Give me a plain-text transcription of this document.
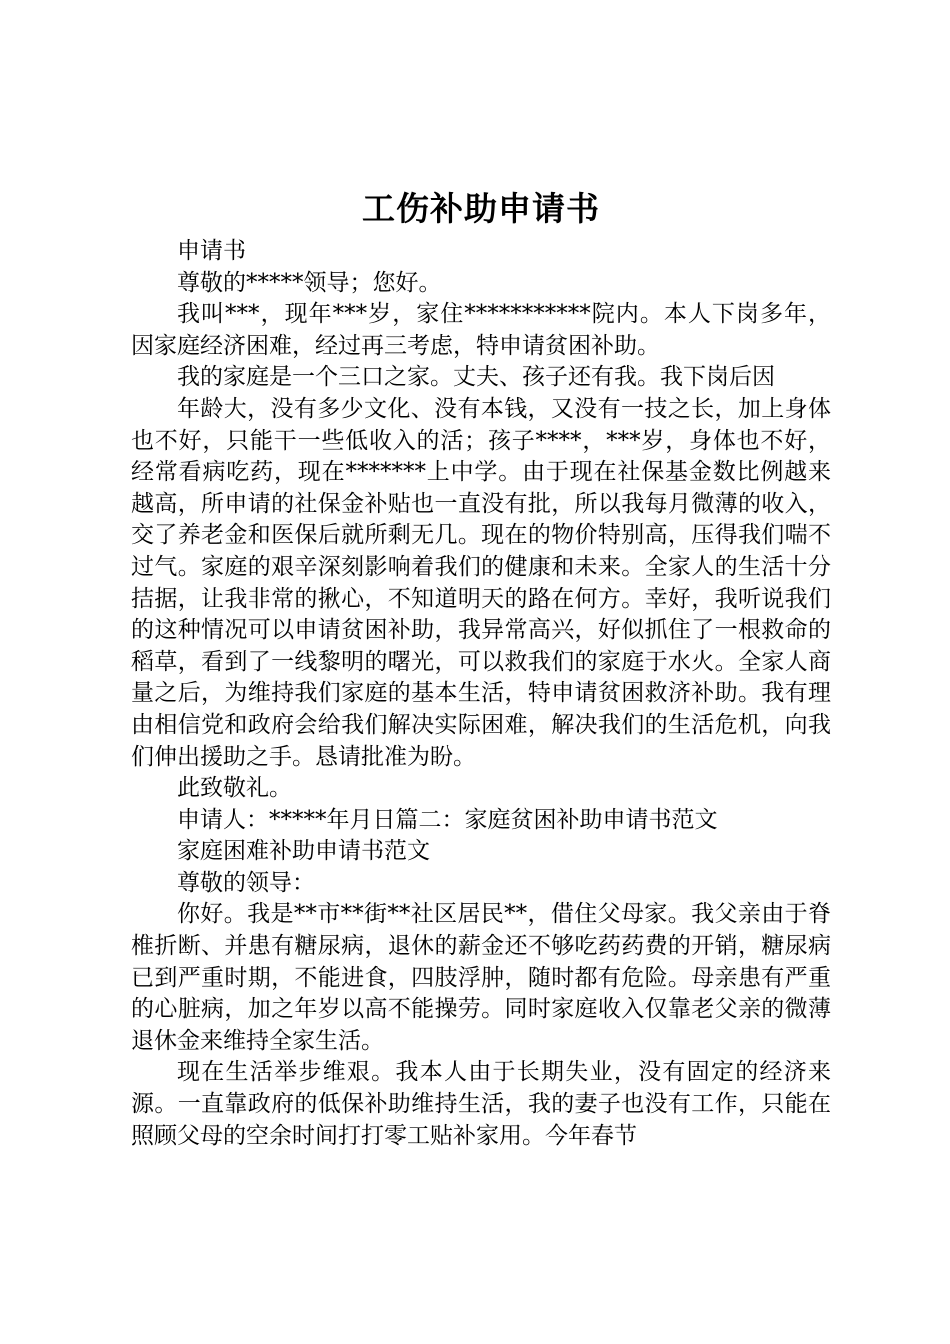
工伤补助申请书

申请书

尊敬的*****领导；您好。

我叫***，现年***岁，家住***********院内。本人下岗多年，因家庭经济困难，经过再三考虑，特申请贫困补助。

我的家庭是一个三口之家。丈夫、孩子还有我。我下岗后因

年龄大，没有多少文化、没有本钱，又没有一技之长，加上身体也不好，只能干一些低收入的活；孩子****，***岁，身体也不好，经常看病吃药，现在*******上中学。由于现在社保基金数比例越来越高，所申请的社保金补贴也一直没有批，所以我每月微薄的收入，交了养老金和医保后就所剩无几。现在的物价特别高，压得我们喘不过气。家庭的艰辛深刻影响着我们的健康和未来。全家人的生活十分拮据，让我非常的揪心，不知道明天的路在何方。幸好，我听说我们的这种情况可以申请贫困补助，我异常高兴，好似抓住了一根救命的稻草，看到了一线黎明的曙光，可以救我们的家庭于水火。全家人商量之后，为维持我们家庭的基本生活，特申请贫困救济补助。我有理由相信党和政府会给我们解决实际困难，解决我们的生活危机，向我们伸出援助之手。恳请批准为盼。

此致敬礼。

申请人：*****年月日篇二：家庭贫困补助申请书范文

家庭困难补助申请书范文

尊敬的领导：

你好。我是**市**街**社区居民**，借住父母家。我父亲由于脊椎折断、并患有糖尿病，退休的薪金还不够吃药药费的开销，糖尿病已到严重时期，不能进食，四肢浮肿，随时都有危险。母亲患有严重的心脏病，加之年岁以高不能操劳。同时家庭收入仅靠老父亲的微薄退休金来维持全家生活。

现在生活举步维艰。我本人由于长期失业，没有固定的经济来源。一直靠政府的低保补助维持生活，我的妻子也没有工作，只能在照顾父母的空余时间打打零工贴补家用。今年春节
